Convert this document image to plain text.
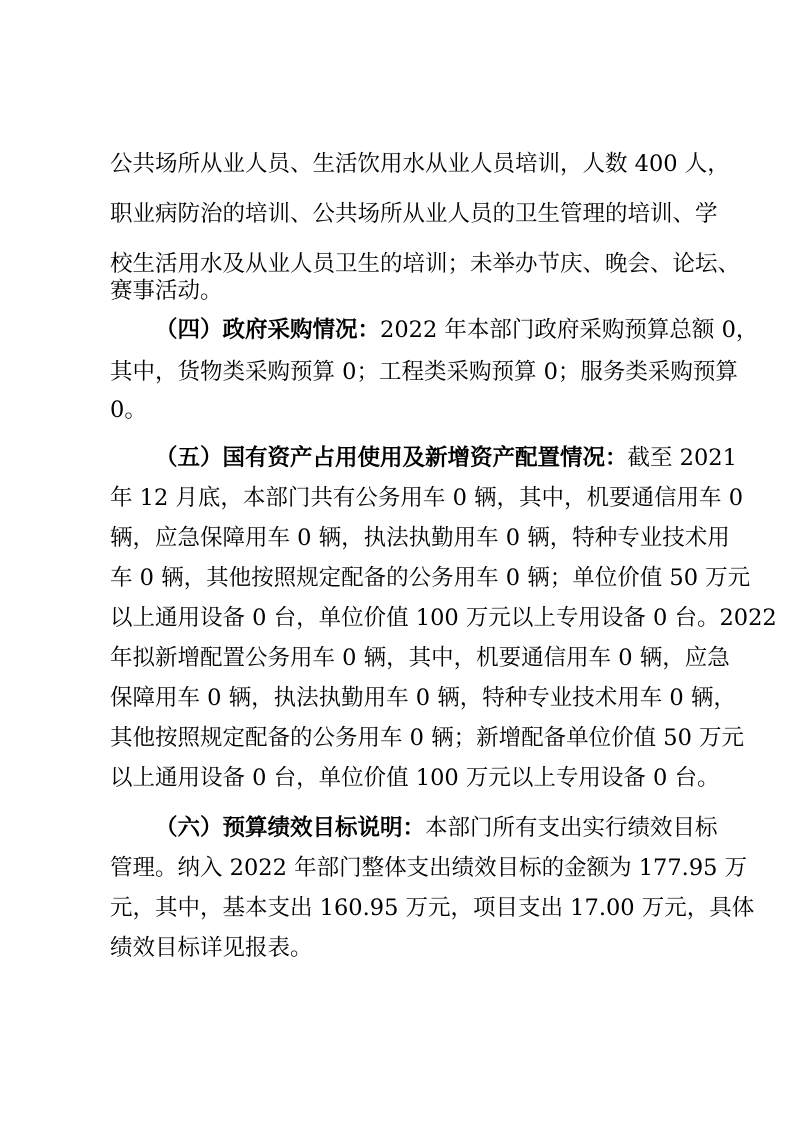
公共场所从业人员、生活饮用水从业人员培训，人数 400 人，
职业病防治的培训、公共场所从业人员的卫生管理的培训、学
校生活用水及从业人员卫生的培训；未举办节庆、晚会、论坛、
赛事活动。
（四）政府采购情况：2022 年本部门政府采购预算总额 0，
其中，货物类采购预算 0；工程类采购预算 0；服务类采购预算
0。
（五）国有资产占用使用及新增资产配置情况：截至 2021
年 12 月底，本部门共有公务用车 0 辆，其中，机要通信用车 0
辆，应急保障用车 0 辆，执法执勤用车 0 辆，特种专业技术用
车 0 辆，其他按照规定配备的公务用车 0 辆；单位价值 50 万元
以上通用设备 0 台，单位价值 100 万元以上专用设备 0 台。2022
年拟新增配置公务用车 0 辆，其中，机要通信用车 0 辆，应急
保障用车 0 辆，执法执勤用车 0 辆，特种专业技术用车 0 辆，
其他按照规定配备的公务用车 0 辆；新增配备单位价值 50 万元
以上通用设备 0 台，单位价值 100 万元以上专用设备 0 台。
（六）预算绩效目标说明：本部门所有支出实行绩效目标
管理。纳入 2022 年部门整体支出绩效目标的金额为 177.95 万
元，其中，基本支出 160.95 万元，项目支出 17.00 万元，具体
绩效目标详见报表。
